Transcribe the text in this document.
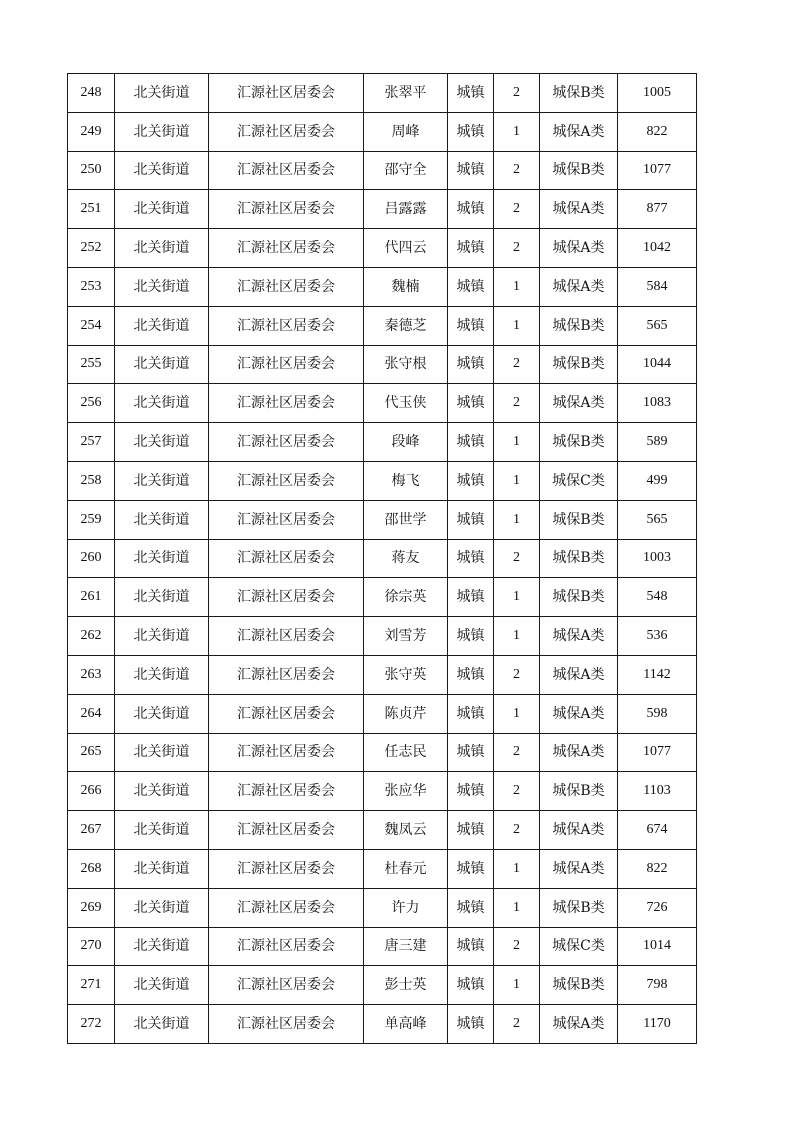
248	北关街道	汇源社区居委会	张翠平	城镇	2	城保B类	1005
249	北关街道	汇源社区居委会	周峰	城镇	1	城保A类	822
250	北关街道	汇源社区居委会	邵守全	城镇	2	城保B类	1077
251	北关街道	汇源社区居委会	吕露露	城镇	2	城保A类	877
252	北关街道	汇源社区居委会	代四云	城镇	2	城保A类	1042
253	北关街道	汇源社区居委会	魏楠	城镇	1	城保A类	584
254	北关街道	汇源社区居委会	秦德芝	城镇	1	城保B类	565
255	北关街道	汇源社区居委会	张守根	城镇	2	城保B类	1044
256	北关街道	汇源社区居委会	代玉侠	城镇	2	城保A类	1083
257	北关街道	汇源社区居委会	段峰	城镇	1	城保B类	589
258	北关街道	汇源社区居委会	梅飞	城镇	1	城保C类	499
259	北关街道	汇源社区居委会	邵世学	城镇	1	城保B类	565
260	北关街道	汇源社区居委会	蒋友	城镇	2	城保B类	1003
261	北关街道	汇源社区居委会	徐宗英	城镇	1	城保B类	548
262	北关街道	汇源社区居委会	刘雪芳	城镇	1	城保A类	536
263	北关街道	汇源社区居委会	张守英	城镇	2	城保A类	1142
264	北关街道	汇源社区居委会	陈贞芹	城镇	1	城保A类	598
265	北关街道	汇源社区居委会	任志民	城镇	2	城保A类	1077
266	北关街道	汇源社区居委会	张应华	城镇	2	城保B类	1103
267	北关街道	汇源社区居委会	魏凤云	城镇	2	城保A类	674
268	北关街道	汇源社区居委会	杜春元	城镇	1	城保A类	822
269	北关街道	汇源社区居委会	许力	城镇	1	城保B类	726
270	北关街道	汇源社区居委会	唐三建	城镇	2	城保C类	1014
271	北关街道	汇源社区居委会	彭士英	城镇	1	城保B类	798
272	北关街道	汇源社区居委会	单高峰	城镇	2	城保A类	1170
